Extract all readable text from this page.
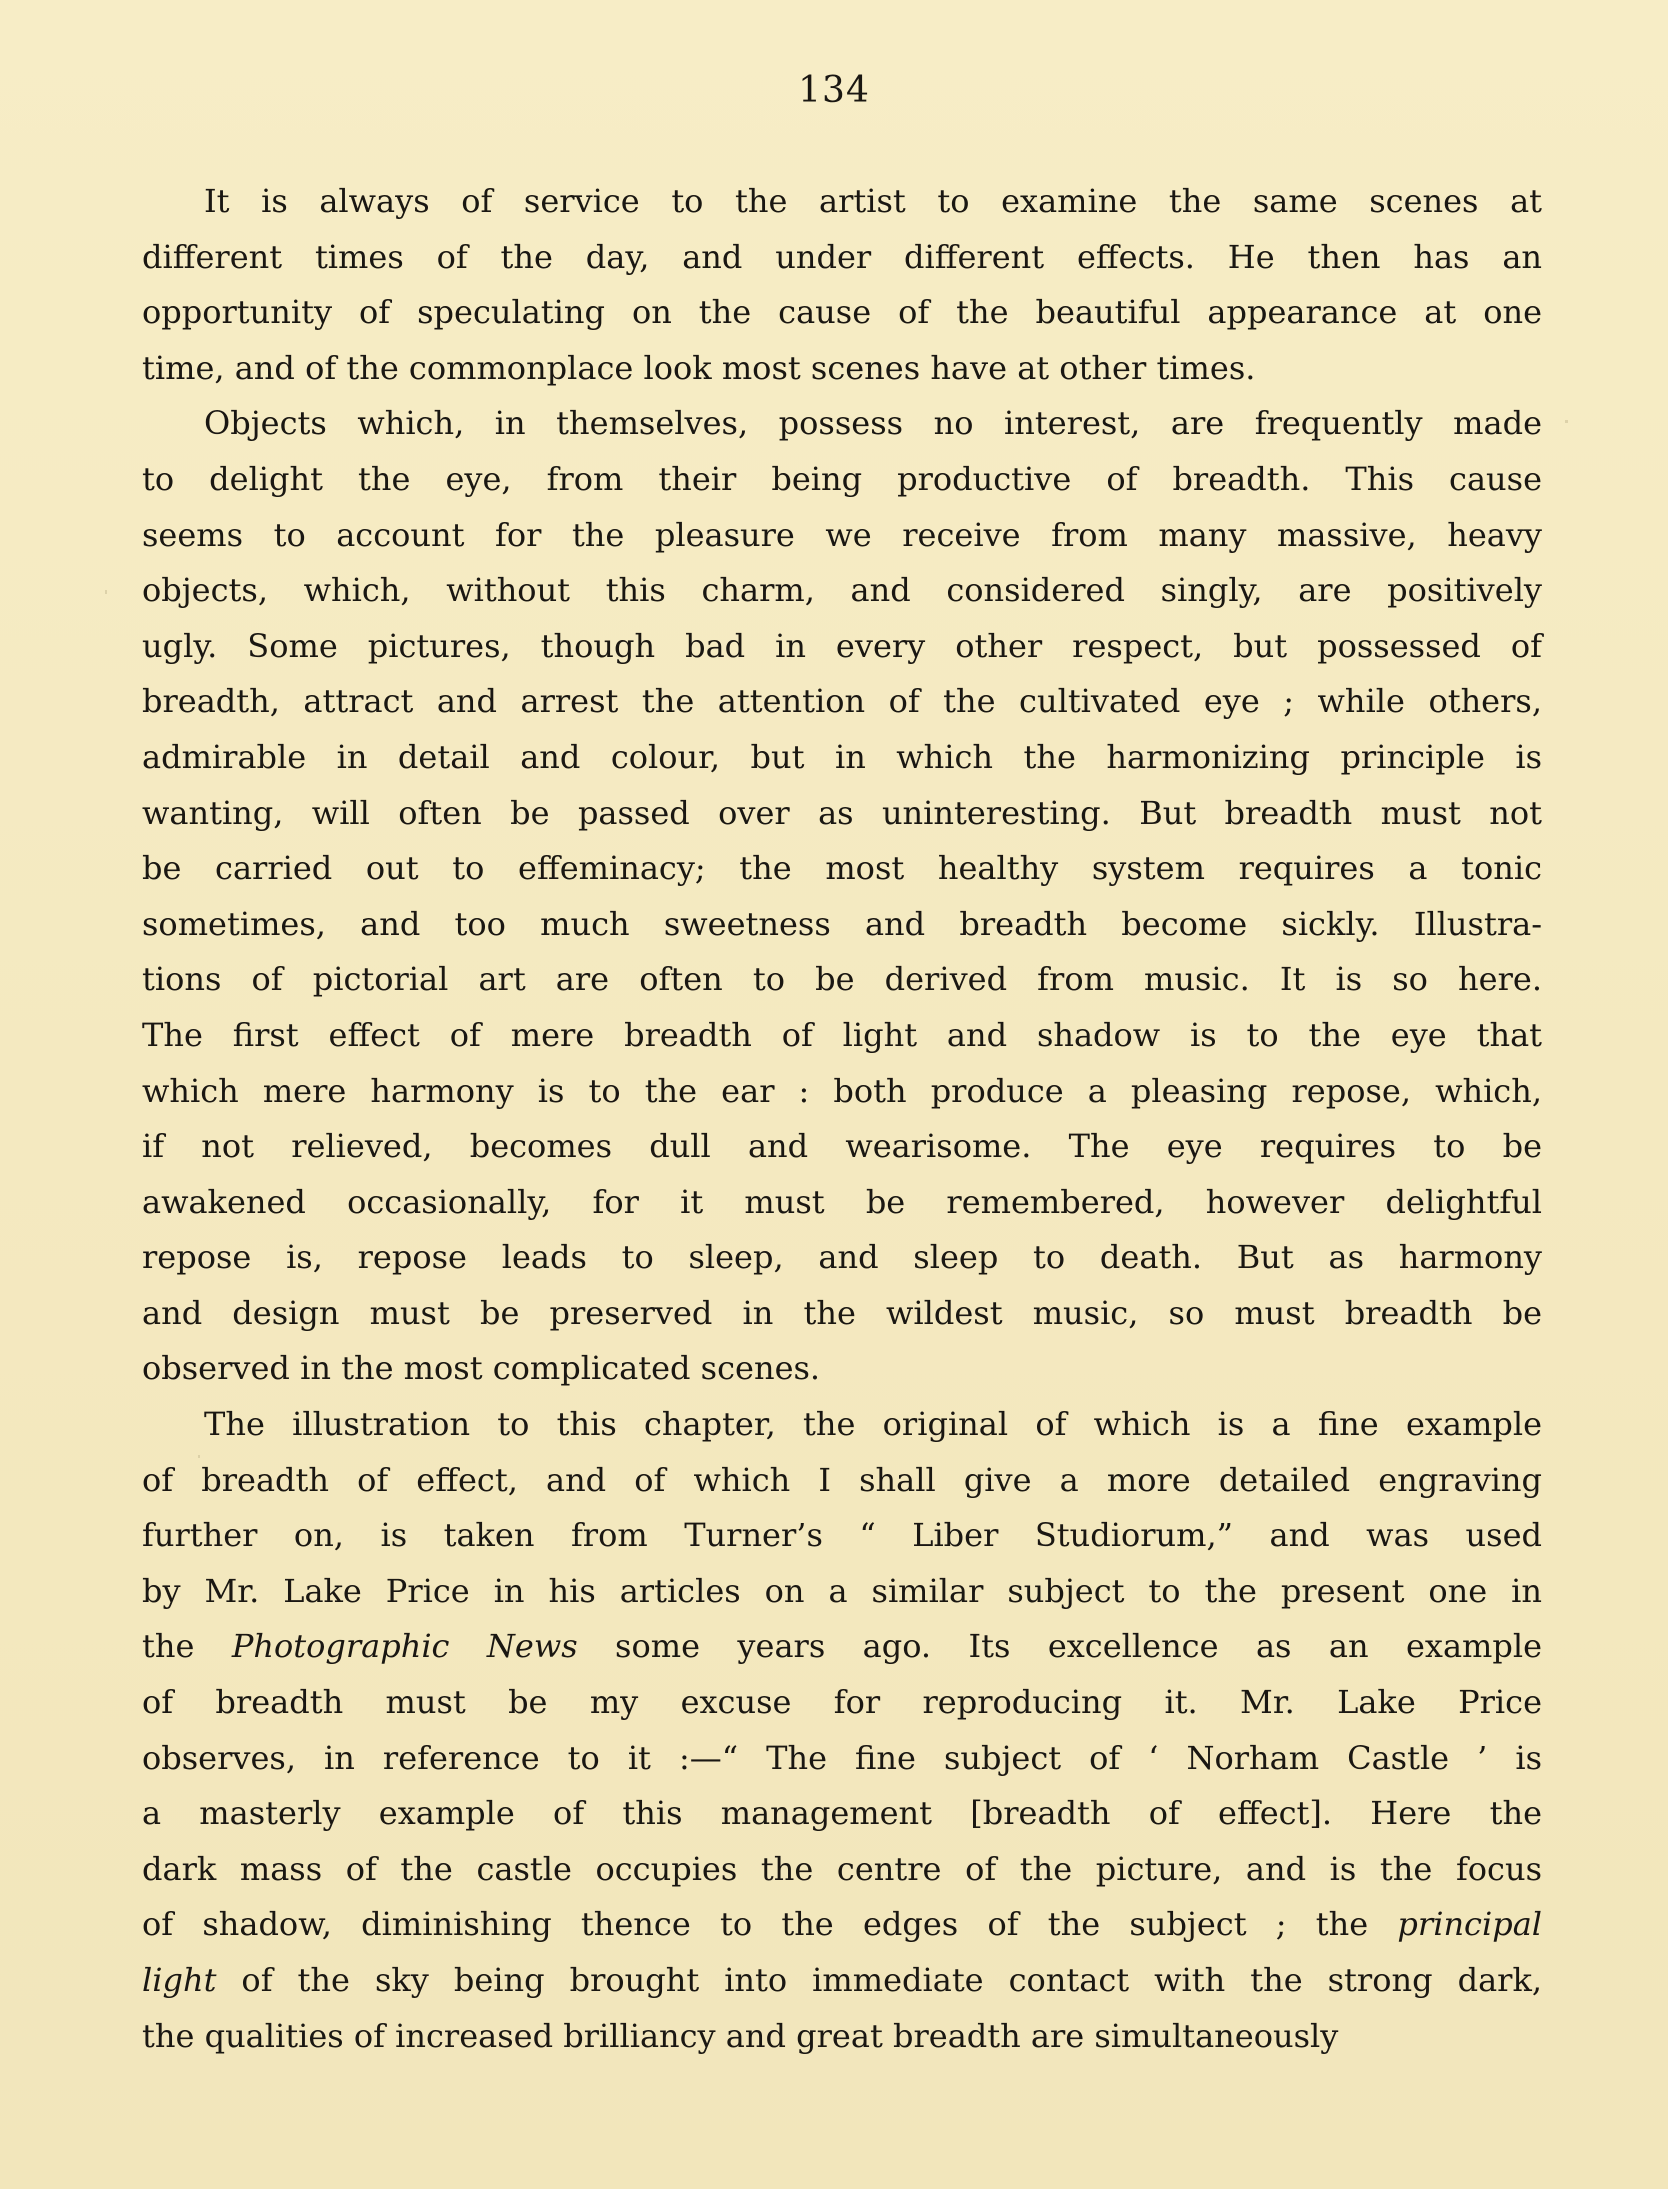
134
It is always of service to the artist to examine the same scenes at
different times of the day, and under different effects. He then has an
opportunity of speculating on the cause of the beautiful appearance at one
time, and of the commonplace look most scenes have at other times.
Objects which, in themselves, possess no interest, are frequently made
to delight the eye, from their being productive of breadth. This cause
seems to account for the pleasure we receive from many massive, heavy
objects, which, without this charm, and considered singly, are positively
ugly. Some pictures, though bad in every other respect, but possessed of
breadth, attract and arrest the attention of the cultivated eye ; while others,
admirable in detail and colour, but in which the harmonizing principle is
wanting, will often be passed over as uninteresting. But breadth must not
be carried out to effeminacy; the most healthy system requires a tonic
sometimes, and too much sweetness and breadth become sickly. Illustra-
tions of pictorial art are often to be derived from music. It is so here.
The first effect of mere breadth of light and shadow is to the eye that
which mere harmony is to the ear : both produce a pleasing repose, which,
if not relieved, becomes dull and wearisome. The eye requires to be
awakened occasionally, for it must be remembered, however delightful
repose is, repose leads to sleep, and sleep to death. But as harmony
and design must be preserved in the wildest music, so must breadth be
observed in the most complicated scenes.
The illustration to this chapter, the original of which is a fine example
of breadth of effect, and of which I shall give a more detailed engraving
further on, is taken from Turner’s “ Liber Studiorum,” and was used
by Mr. Lake Price in his articles on a similar subject to the present one in
the Photographic News some years ago. Its excellence as an example
of breadth must be my excuse for reproducing it. Mr. Lake Price
observes, in reference to it :—“ The fine subject of ‘ Norham Castle ’ is
a masterly example of this management [breadth of effect]. Here the
dark mass of the castle occupies the centre of the picture, and is the focus
of shadow, diminishing thence to the edges of the subject ; the principal
light of the sky being brought into immediate contact with the strong dark,
the qualities of increased brilliancy and great breadth are simultaneously
